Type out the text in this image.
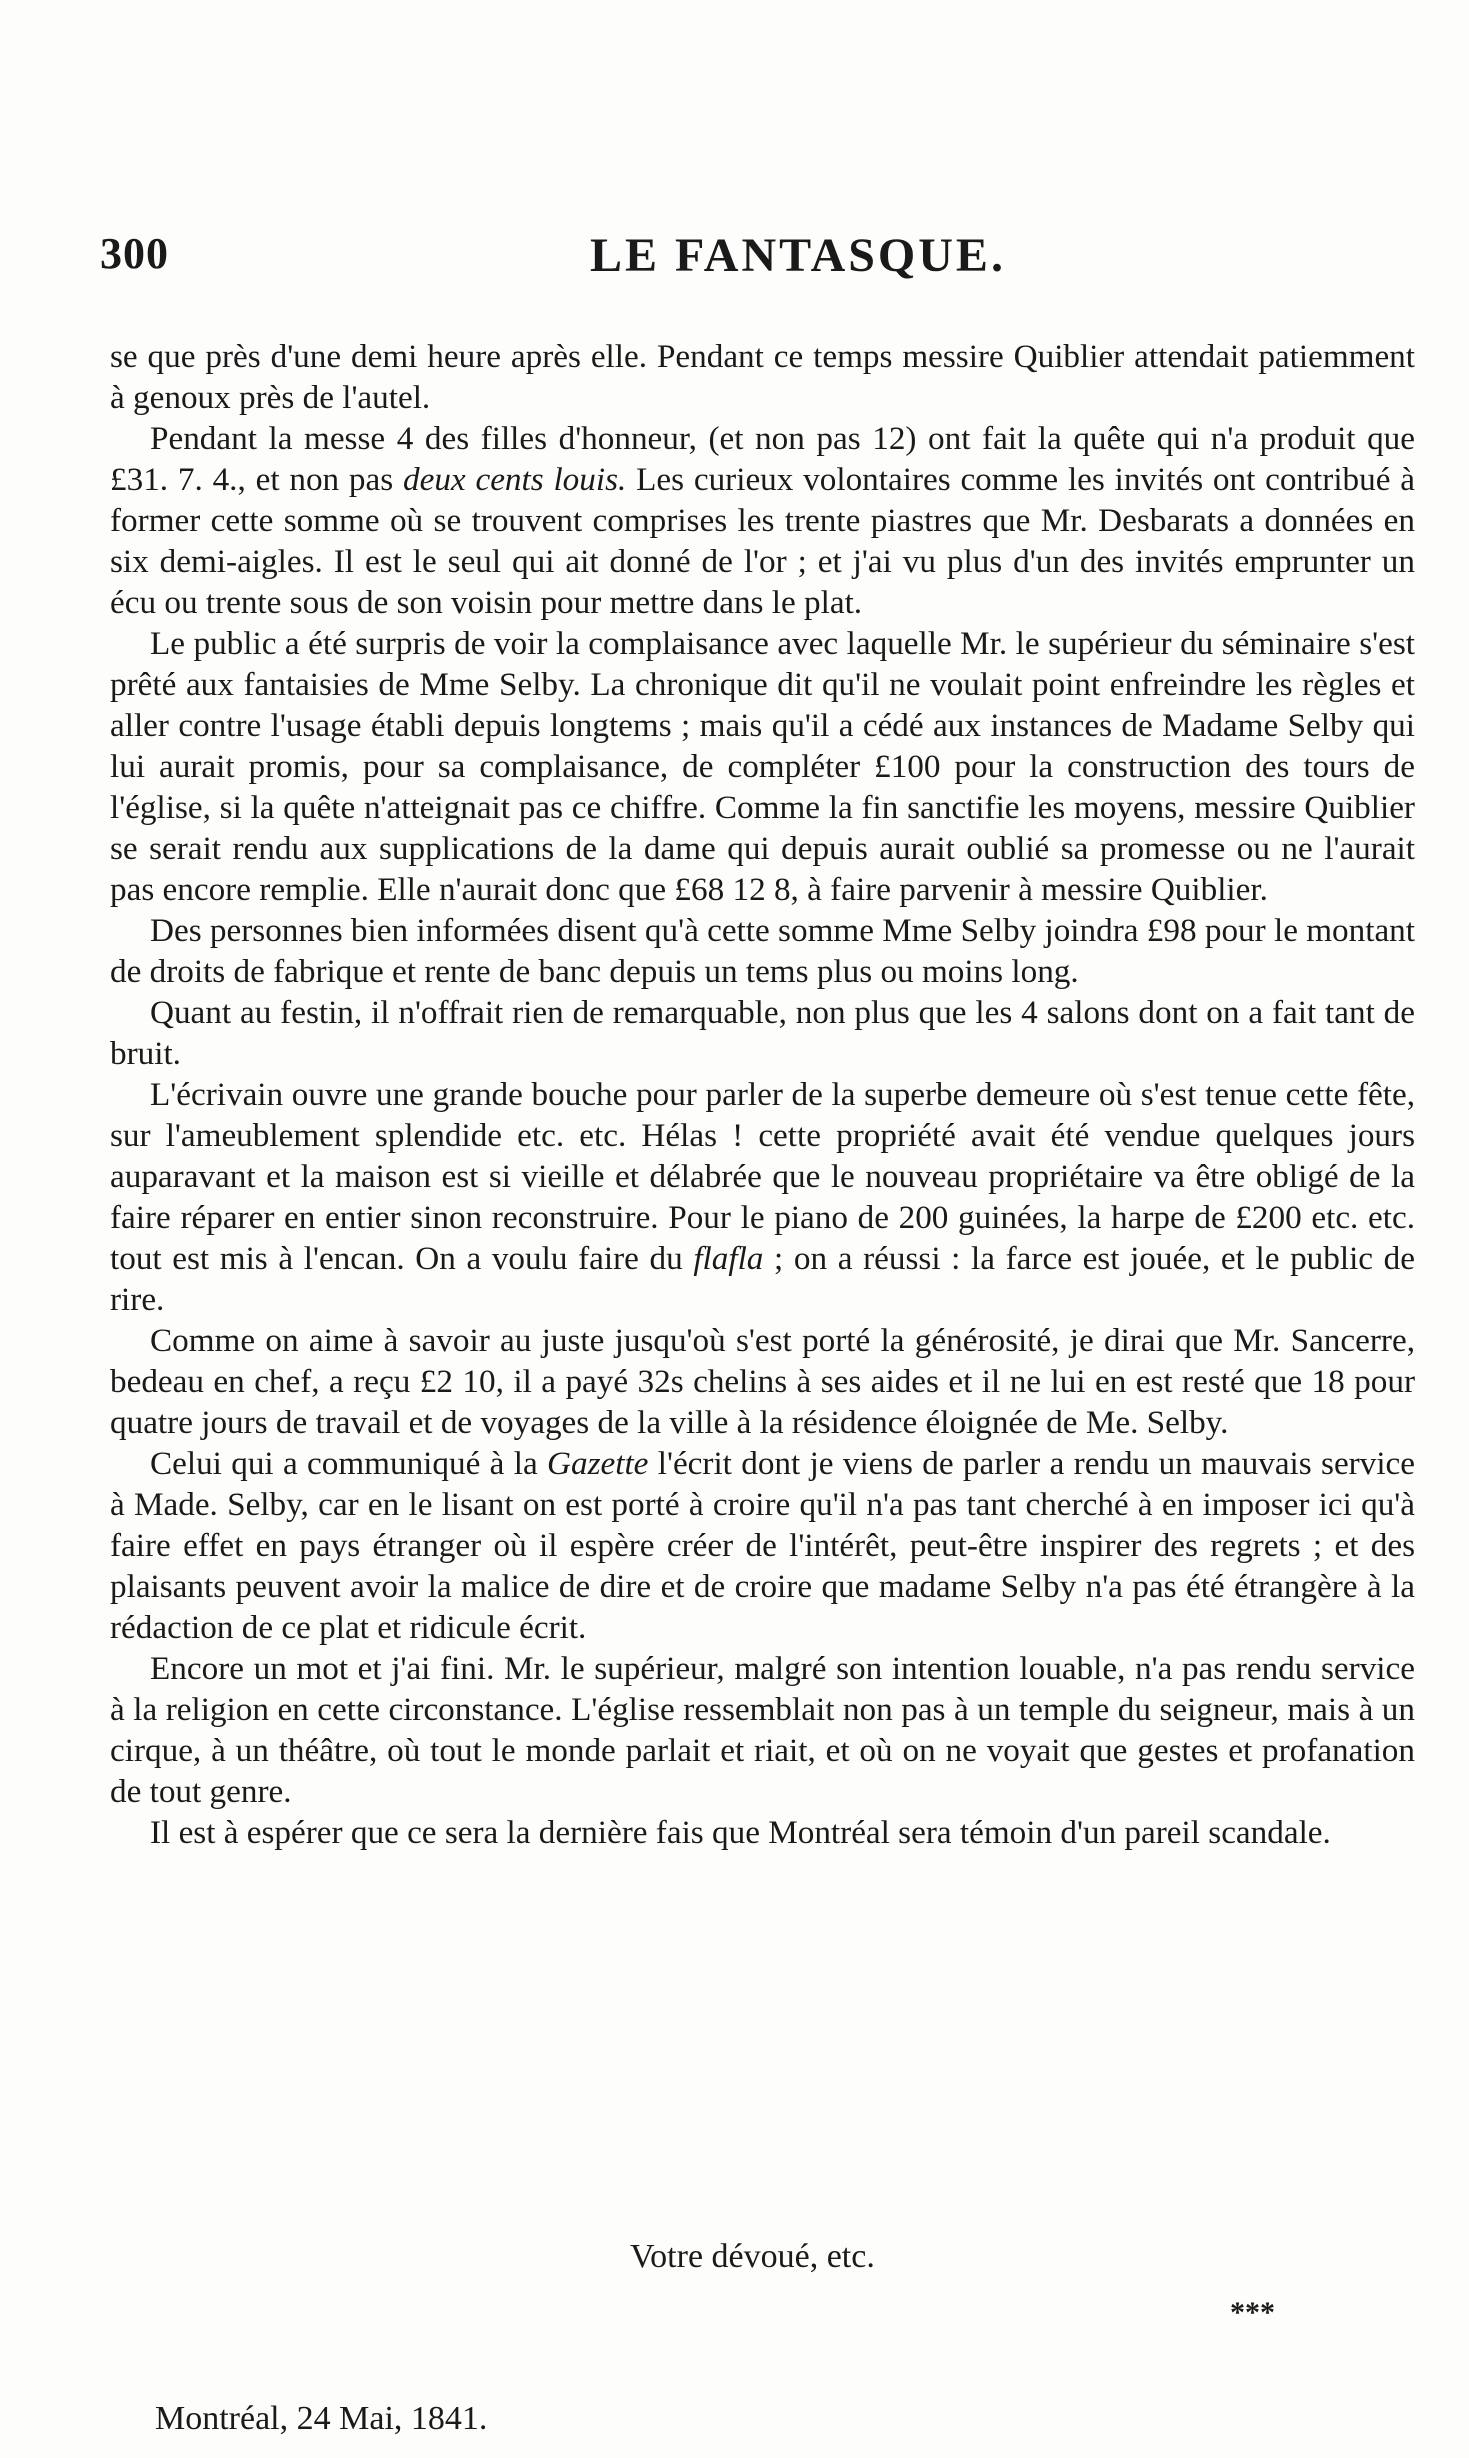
300	LE FANTASQUE.

se que près d'une demi heure après elle. Pendant ce temps messire Quiblier attendait patiemment à genoux près de l'autel.

Pendant la messe 4 des filles d'honneur, (et non pas 12) ont fait la quête qui n'a produit que £31. 7. 4., et non pas deux cents louis. Les curieux volontaires comme les invités ont contribué à former cette somme où se trouvent comprises les trente piastres que Mr. Desbarats a données en six demi-aigles. Il est le seul qui ait donné de l'or ; et j'ai vu plus d'un des invités emprunter un écu ou trente sous de son voisin pour mettre dans le plat.

Le public a été surpris de voir la complaisance avec laquelle Mr. le supérieur du séminaire s'est prêté aux fantaisies de Mme Selby. La chronique dit qu'il ne voulait point enfreindre les règles et aller contre l'usage établi depuis longtems ; mais qu'il a cédé aux instances de Madame Selby qui lui aurait promis, pour sa complaisance, de compléter £100 pour la construction des tours de l'église, si la quête n'atteignait pas ce chiffre. Comme la fin sanctifie les moyens, messire Quiblier se serait rendu aux supplications de la dame qui depuis aurait oublié sa promesse ou ne l'aurait pas encore remplie. Elle n'aurait donc que £68 12 8, à faire parvenir à messire Quiblier.

Des personnes bien informées disent qu'à cette somme Mme Selby joindra £98 pour le montant de droits de fabrique et rente de banc depuis un tems plus ou moins long.

Quant au festin, il n'offrait rien de remarquable, non plus que les 4 salons dont on a fait tant de bruit.

L'écrivain ouvre une grande bouche pour parler de la superbe demeure où s'est tenue cette fête, sur l'ameublement splendide etc. etc. Hélas ! cette propriété avait été vendue quelques jours auparavant et la maison est si vieille et délabrée que le nouveau propriétaire va être obligé de la faire réparer en entier sinon reconstruire. Pour le piano de 200 guinées, la harpe de £200 etc. etc. tout est mis à l'encan. On a voulu faire du flafla ; on a réussi : la farce est jouée, et le public de rire.

Comme on aime à savoir au juste jusqu'où s'est porté la générosité, je dirai que Mr. Sancerre, bedeau en chef, a reçu £2 10, il a payé 32s chelins à ses aides et il ne lui en est resté que 18 pour quatre jours de travail et de voyages de la ville à la résidence éloignée de Me. Selby.

Celui qui a communiqué à la Gazette l'écrit dont je viens de parler a rendu un mauvais service à Made. Selby, car en le lisant on est porté à croire qu'il n'a pas tant cherché à en imposer ici qu'à faire effet en pays étranger où il espère créer de l'intérêt, peut-être inspirer des regrets ; et des plaisants peuvent avoir la malice de dire et de croire que madame Selby n'a pas été étrangère à la rédaction de ce plat et ridicule écrit.

Encore un mot et j'ai fini. Mr. le supérieur, malgré son intention louable, n'a pas rendu service à la religion en cette circonstance. L'église ressemblait non pas à un temple du seigneur, mais à un cirque, à un théâtre, où tout le monde parlait et riait, et où on ne voyait que gestes et profanation de tout genre.

Il est à espérer que ce sera la dernière fais que Montréal sera témoin d'un pareil scandale.

Votre dévoué, etc.
***
Montréal, 24 Mai, 1841.
